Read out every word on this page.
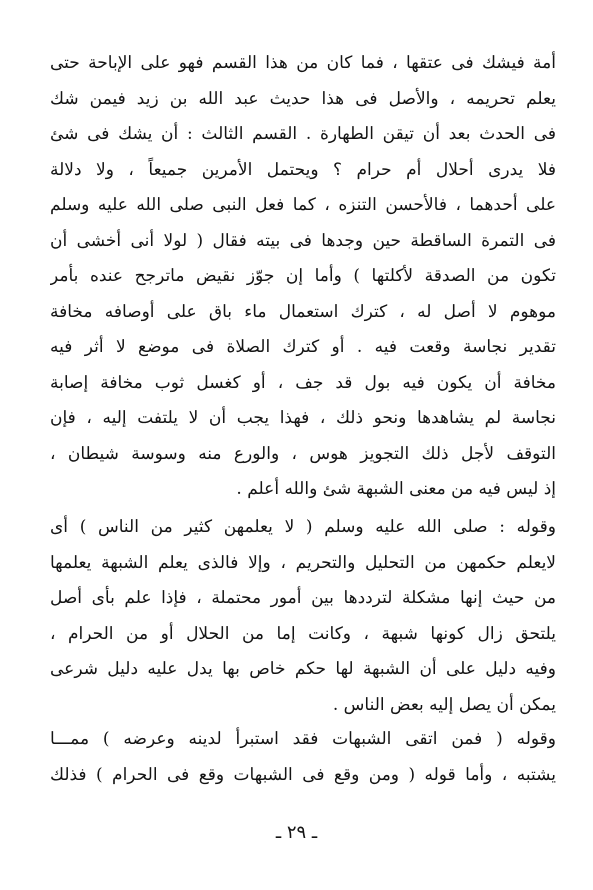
أمة فيشك فى عتقها ، فما كان من هذا القسم فهو على الإباحة حتى
يعلم تحريمه ، والأصل فى هذا حديث عبد الله بن زيد فيمن شك
فى الحدث بعد أن تيقن الطهارة . القسم الثالث : أن يشك فى شئ
فلا يدرى أحلال أم حرام ؟ ويحتمل الأمرين جميعاً ، ولا دلالة
على أحدهما ، فالأحسن التنزه ، كما فعل النبى صلى الله عليه وسلم
فى التمرة الساقطة حين وجدها فى بيته فقال ( لولا أنى أخشى أن
تكون من الصدقة لأكلتها ) وأما إن جوّز نقيض ماترجح عنده بأمر
موهوم لا أصل له ، كترك استعمال ماء باق على أوصافه مخافة
تقدير نجاسة وقعت فيه . أو كترك الصلاة فى موضع لا أثر فيه
مخافة أن يكون فيه بول قد جف ، أو كغسل ثوب مخافة إصابة
نجاسة لم يشاهدها ونحو ذلك ، فهذا يجب أن لا يلتفت إليه ، فإن
التوقف لأجل ذلك التجويز هوس ، والورع منه وسوسة شيطان ،
إذ ليس فيه من معنى الشبهة شئ والله أعلم .
وقوله : صلى الله عليه وسلم ( لا يعلمهن كثير من الناس ) أى
لايعلم حكمهن من التحليل والتحريم ، وإلا فالذى يعلم الشبهة يعلمها
من حيث إنها مشكلة لترددها بين أمور محتملة ، فإذا علم بأى أصل
يلتحق زال كونها شبهة ، وكانت إما من الحلال أو من الحرام ،
وفيه دليل على أن الشبهة لها حكم خاص بها يدل عليه دليل شرعى
يمكن أن يصل إليه بعض الناس .
وقوله ( فمن اتقى الشبهات فقد استبرأ لدينه وعرضه ) ممـــا
يشتبه ، وأما قوله ( ومن وقع فى الشبهات وقع فى الحرام ) فذلك
ـ ٢٩ ـ
